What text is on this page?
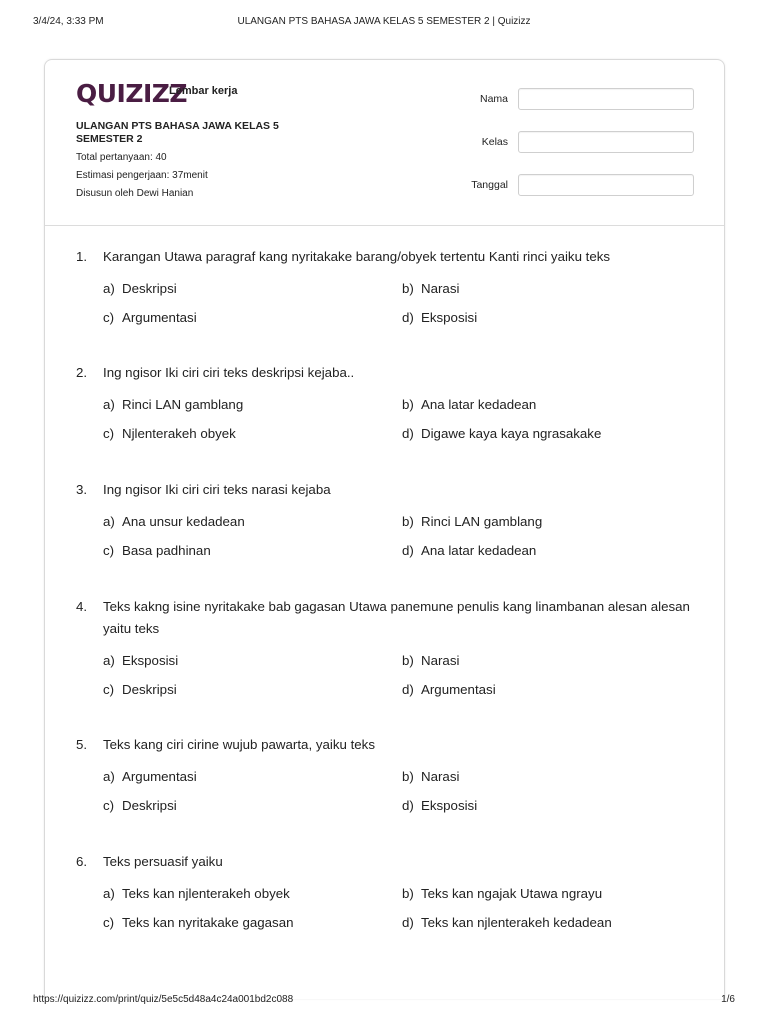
3/4/24, 3:33 PM	ULANGAN PTS BAHASA JAWA KELAS 5 SEMESTER 2 | Quizizz
QUIZIZZ
Lembar kerja
ULANGAN PTS BAHASA JAWA KELAS 5 SEMESTER 2
Total pertanyaan: 40
Estimasi pengerjaan: 37menit
Disusun oleh Dewi Hanian
Nama
Kelas
Tanggal
1.	Karangan Utawa paragraf kang nyritakake barang/obyek tertentu Kanti rinci yaiku teks
a) Deskripsi	b) Narasi
c) Argumentasi	d) Eksposisi
2.	Ing ngisor Iki ciri ciri teks deskripsi kejaba..
a) Rinci LAN gamblang	b) Ana latar kedadean
c) Njlenterakeh obyek	d) Digawe kaya kaya ngrasakake
3.	Ing ngisor Iki ciri ciri teks narasi kejaba
a) Ana unsur kedadean	b) Rinci LAN gamblang
c) Basa padhinan	d) Ana latar kedadean
4.	Teks kakng isine nyritakake bab gagasan Utawa panemune penulis kang linambanan alesan alesan yaitu teks
a) Eksposisi	b) Narasi
c) Deskripsi	d) Argumentasi
5.	Teks kang ciri cirine wujub pawarta, yaiku teks
a) Argumentasi	b) Narasi
c) Deskripsi	d) Eksposisi
6.	Teks persuasif yaiku
a) Teks kan njlenterakeh obyek	b) Teks kan ngajak Utawa ngrayu
c) Teks kan nyritakake gagasan	d) Teks kan njlenterakeh kedadean
https://quizizz.com/print/quiz/5e5c5d48a4c24a001bd2c088	1/6
